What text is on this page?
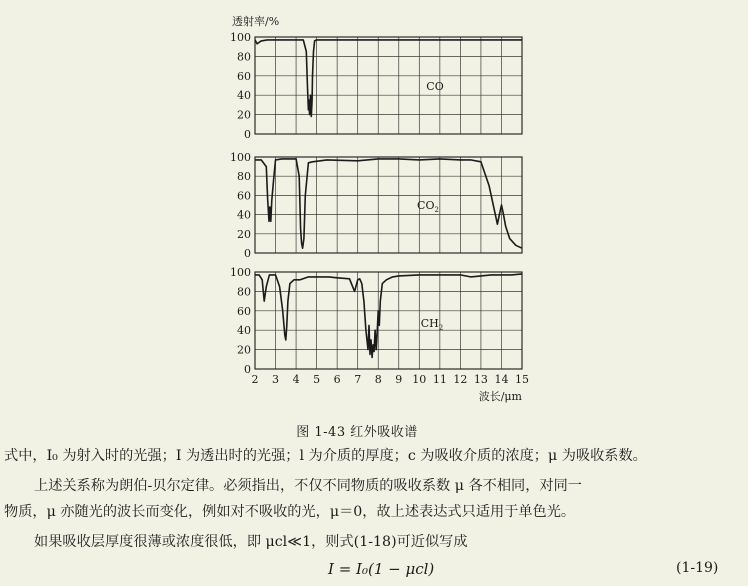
0
20
40
60
80
100
CO
透射率/%
0
20
40
60
80
100
$CO_2$
0
20
40
60
80
100
$CH_2$
2 3 4 5 6 7 8 9 10 11 12 13 14 15
波长/μm
图 1-43 红外吸收谱
式中，I₀ 为射入时的光强；I 为透出时的光强；l 为介质的厚度；c 为吸收介质的浓度；μ 为吸收系数。
上述关系称为朗伯-贝尔定律。必须指出，不仅不同物质的吸收系数 μ 各不相同，对同一
物质，μ 亦随光的波长而变化，例如对不吸收的光，μ＝0，故上述表达式只适用于单色光。
如果吸收层厚度很薄或浓度很低，即 μcl≪1，则式(1-18)可近似写成
I = I₀(1 − μcl)	(1-19)
